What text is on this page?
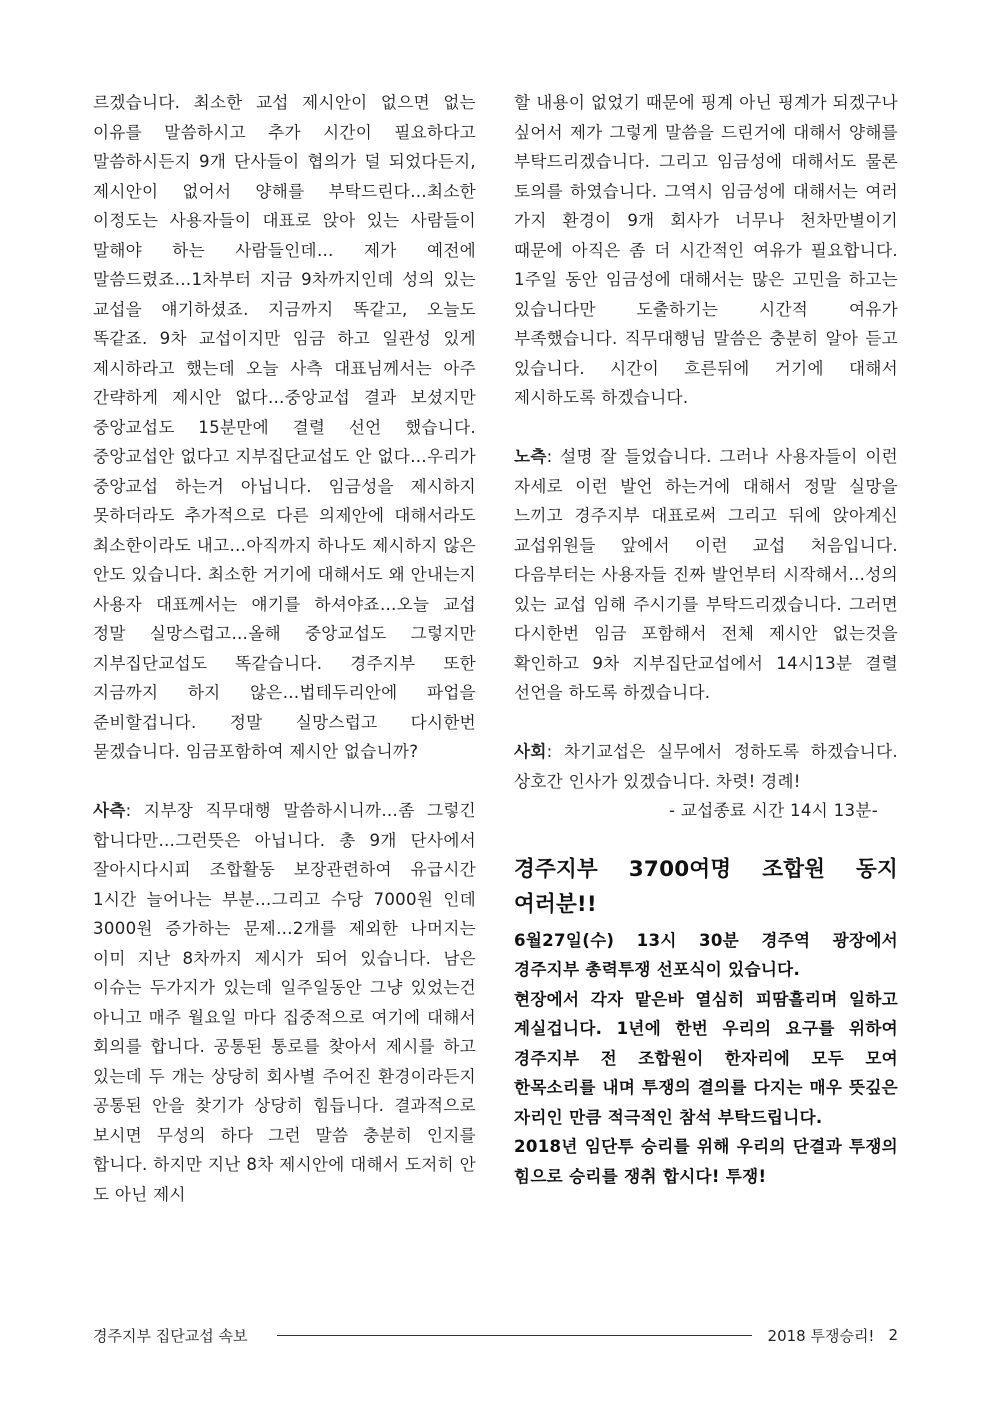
르겠습니다. 최소한 교섭 제시안이 없으면 없는 이유를 말씀하시고 추가 시간이 필요하다고 말씀하시든지 9개 단사들이 협의가 덜 되었다든지, 제시안이 없어서 양해를 부탁드린다…최소한 이정도는 사용자들이 대표로 앉아 있는 사람들이 말해야 하는 사람들인데… 제가 예전에 말씀드렸죠…1차부터 지금 9차까지인데 성의 있는 교섭을 얘기하셨죠. 지금까지 똑같고, 오늘도 똑같죠. 9차 교섭이지만 임금 하고 일관성 있게 제시하라고 했는데 오늘 사측 대표님께서는 아주 간략하게 제시안 없다…중앙교섭 결과 보셨지만 중앙교섭도 15분만에 결렬 선언 했습니다. 중앙교섭안 없다고 지부집단교섭도 안 없다…우리가 중앙교섭 하는거 아닙니다. 임금성을 제시하지 못하더라도 추가적으로 다른 의제안에 대해서라도 최소한이라도 내고…아직까지 하나도 제시하지 않은 안도 있습니다. 최소한 거기에 대해서도 왜 안내는지 사용자 대표께서는 얘기를 하셔야죠…오늘 교섭 정말 실망스럽고…올해 중앙교섭도 그렇지만 지부집단교섭도 똑같습니다. 경주지부 또한 지금까지 하지 않은…법테두리안에 파업을 준비할겁니다. 정말 실망스럽고 다시한번 묻겠습니다. 임금포함하여 제시안 없습니까?

사측: 지부장 직무대행 말씀하시니까…좀 그렇긴 합니다만…그런뜻은 아닙니다. 총 9개 단사에서 잘아시다시피 조합활동 보장관련하여 유급시간 1시간 늘어나는 부분…그리고 수당 7000원 인데 3000원 증가하는 문제…2개를 제외한 나머지는 이미 지난 8차까지 제시가 되어 있습니다. 남은 이슈는 두가지가 있는데 일주일동안 그냥 있었는건 아니고 매주 월요일 마다 집중적으로 여기에 대해서 회의를 합니다. 공통된 통로를 찾아서 제시를 하고 있는데 두 개는 상당히 회사별 주어진 환경이라든지 공통된 안을 찾기가 상당히 힘듭니다. 결과적으로 보시면 무성의 하다 그런 말씀 충분히 인지를 합니다. 하지만 지난 8차 제시안에 대해서 도저히 안 도 아닌 제시

할 내용이 없었기 때문에 핑계 아닌 핑계가 되겠구나 싶어서 제가 그렇게 말씀을 드린거에 대해서 양해를 부탁드리겠습니다. 그리고 임금성에 대해서도 물론 토의를 하였습니다. 그역시 임금성에 대해서는 여러 가지 환경이 9개 회사가 너무나 천차만별이기 때문에 아직은 좀 더 시간적인 여유가 필요합니다. 1주일 동안 임금성에 대해서는 많은 고민을 하고는 있습니다만 도출하기는 시간적 여유가 부족했습니다. 직무대행님 말씀은 충분히 알아 듣고 있습니다. 시간이 흐른뒤에 거기에 대해서 제시하도록 하겠습니다.

노측: 설명 잘 들었습니다. 그러나 사용자들이 이런 자세로 이런 발언 하는거에 대해서 정말 실망을 느끼고 경주지부 대표로써 그리고 뒤에 앉아계신 교섭위원들 앞에서 이런 교섭 처음입니다. 다음부터는 사용자들 진짜 발언부터 시작해서…성의 있는 교섭 임해 주시기를 부탁드리겠습니다. 그러면 다시한번 임금 포함해서 전체 제시안 없는것을 확인하고 9차 지부집단교섭에서 14시13분 결렬 선언을 하도록 하겠습니다.

사회: 차기교섭은 실무에서 정하도록 하겠습니다. 상호간 인사가 있겠습니다. 차렷! 경례!

- 교섭종료 시간 14시 13분-

경주지부 3700여명 조합원 동지 여러분!!

6월27일(수) 13시 30분 경주역 광장에서 경주지부 총력투쟁 선포식이 있습니다.

현장에서 각자 맡은바 열심히 피땀흘리며 일하고 계실겁니다. 1년에 한번 우리의 요구를 위하여 경주지부 전 조합원이 한자리에 모두 모여 한목소리를 내며 투쟁의 결의를 다지는 매우 뜻깊은 자리인 만큼 적극적인 참석 부탁드립니다.

2018년 임단투 승리를 위해 우리의 단결과 투쟁의 힘으로 승리를 쟁취 합시다! 투쟁!

경주지부 집단교섭 속보	2018 투쟁승리! 2
